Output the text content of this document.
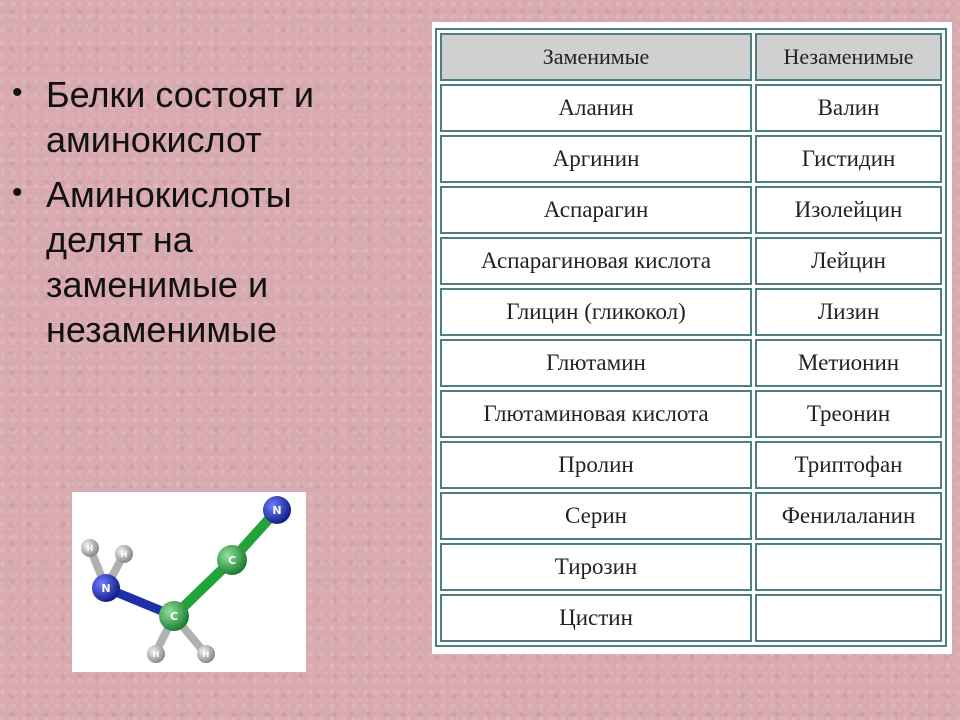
• Белки состоят и аминокислот
• Аминокислоты делят на заменимые и незаменимые
H
H
N
C
H	H
C
N
Заменимые	Незаменимые
Аланин	Валин
Аргинин	Гистидин
Аспарагин	Изолейцин
Аспарагиновая кислота	Лейцин
Глицин (гликокол)	Лизин
Глютамин	Метионин
Глютаминовая кислота	Треонин
Пролин	Триптофан
Серин	Фенилаланин
Тирозин	
Цистин	
